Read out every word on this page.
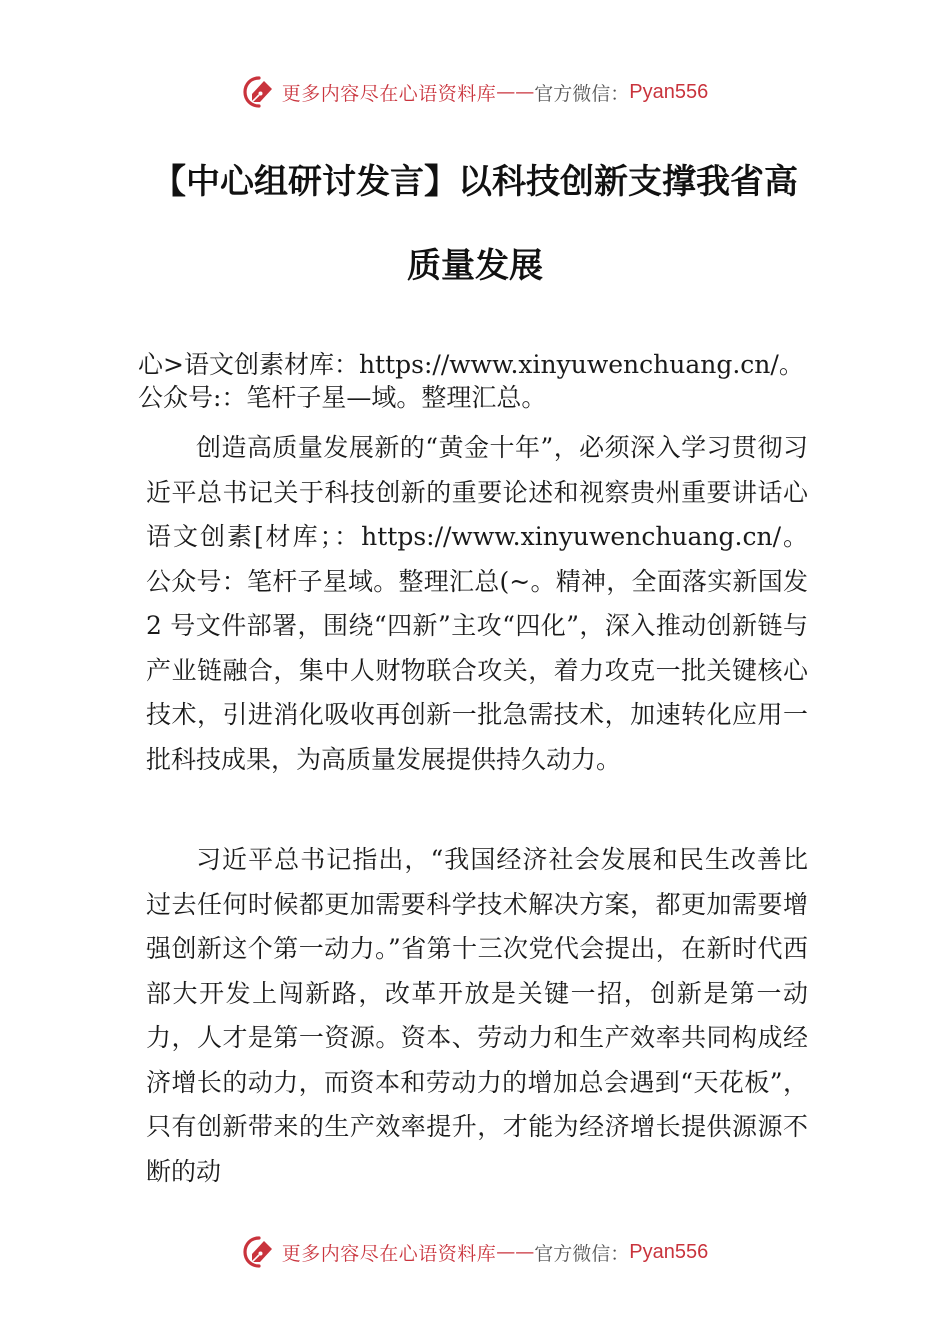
更多内容尽在心语资料库 —— 官方微信： Pyan556
【中心组研讨发言】以科技创新支撑我省高
质量发展
心>语文创素材库：https://www.xinyuwenchuang.cn/。
公众号:：笔杆子星—域。整理汇总。
创造高质量发展新的“黄金十年”，必须深入学习贯彻习近平总书记关于科技创新的重要论述和视察贵州重要讲话心语文创素[材库；：https://www.xinyuwenchuang.cn/。公众号：笔杆子星域。整理汇总(~。精神，全面落实新国发 2 号文件部署，围绕“四新”主攻“四化”，深入推动创新链与产业链融合，集中人财物联合攻关，着力攻克一批关键核心技术，引进消化吸收再创新一批急需技术，加速转化应用一批科技成果，为高质量发展提供持久动力。
习近平总书记指出，“我国经济社会发展和民生改善比过去任何时候都更加需要科学技术解决方案，都更加需要增强创新这个第一动力。”省第十三次党代会提出，在新时代西部大开发上闯新路，改革开放是关键一招，创新是第一动力，人才是第一资源。资本、劳动力和生产效率共同构成经济增长的动力，而资本和劳动力的增加总会遇到“天花板”，只有创新带来的生产效率提升，才能为经济增长提供源源不断的动
更多内容尽在心语资料库 —— 官方微信： Pyan556
